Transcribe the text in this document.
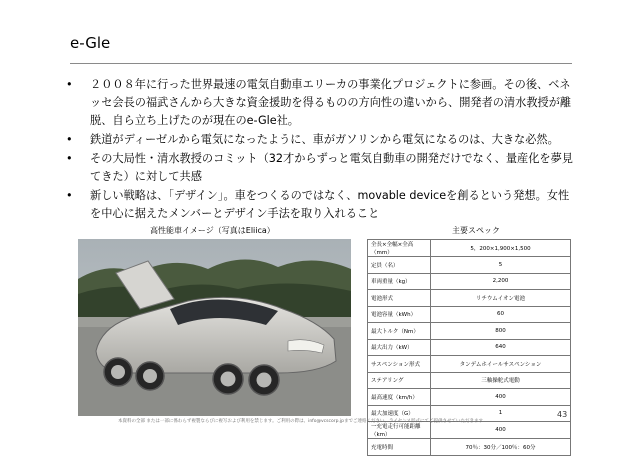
e-Gle
• ２００８年に行った世界最速の電気自動車エリーカの事業化プロジェクトに参画。その後、ベネッセ会長の福武さんから大きな資金援助を得るものの方向性の違いから、開発者の清水教授が離脱、自ら立ち上げたのが現在のe-Gle社。
• 鉄道がディーゼルから電気になったように、車がガソリンから電気になるのは、大きな必然。
• その大局性・清水教授のコミット（32才からずっと電気自動車の開発だけでなく、量産化を夢見てきた）に対して共感
• 新しい戦略は、「デザイン」。車をつくるのではなく、movable deviceを創るという発想。女性を中心に据えたメンバーとデザイン手法を取り入れること
高性能車イメージ（写真はEliica）	主要スペック
全長×全幅×全高（mm）	5，200×1,900×1,500
定員（名）	5
車両重量（kg）	2,200
電池形式	リチウムイオン電池
電池容量（kWh）	60
最大トルク（Nm）	800
最大出力（kW）	640
サスペンション形式	タンデムホイールサスペンション
ステアリング	三軸操舵式電動
最高速度（km/h）	400
最大加速度（G）	1
一充電走行可能距離（km）	400
充電時間	70％：30分／100％：60分
43
本資料の全部 または一部に係わらず複製ならびに複写および利用を禁じます。ご利用の際は、info@vcscorp.jpまでご連絡ください。ライセンス形式にてご提供させていただきます
